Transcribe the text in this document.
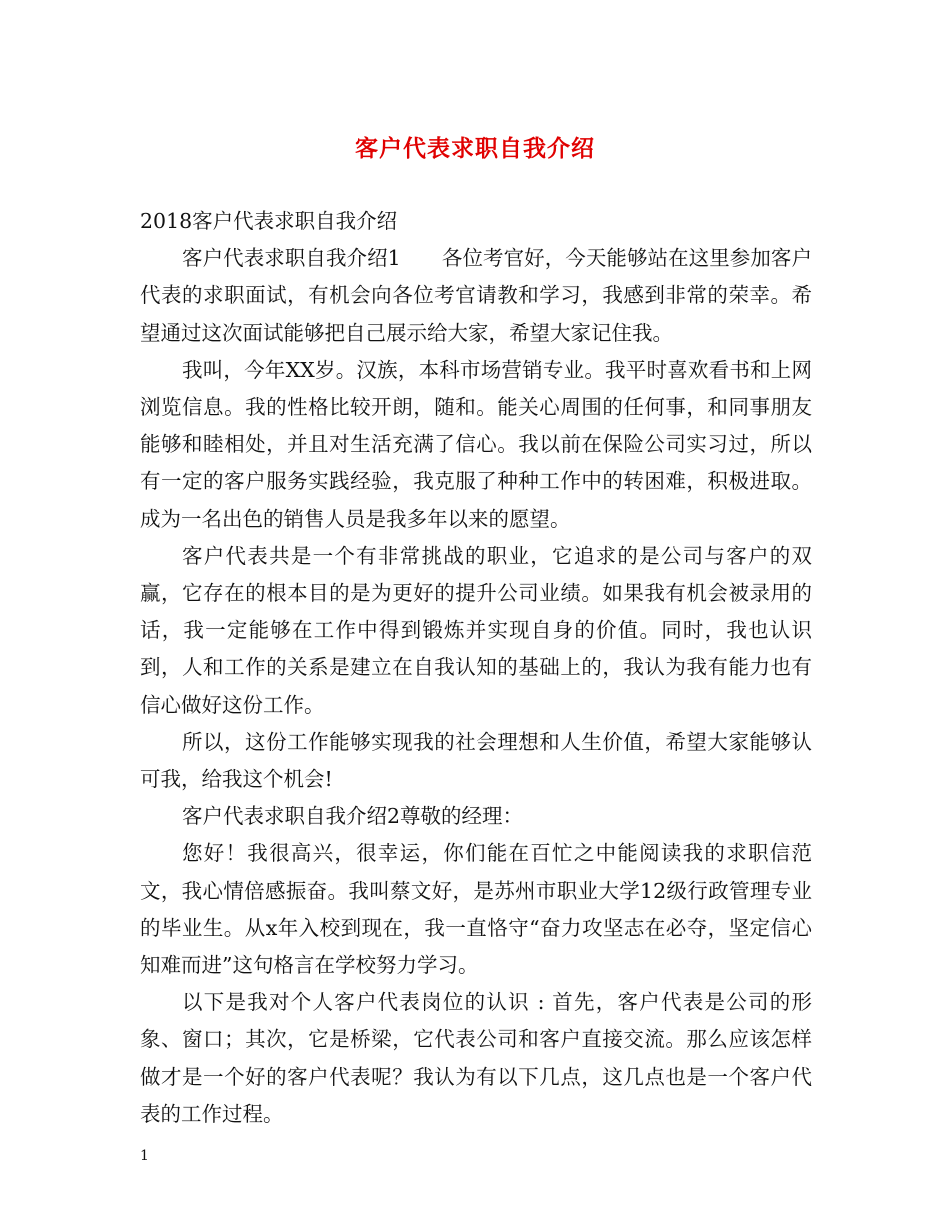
客户代表求职自我介绍

2018客户代表求职自我介绍

客户代表求职自我介绍1　　各位考官好，今天能够站在这里参加客户代表的求职面试，有机会向各位考官请教和学习，我感到非常的荣幸。希望通过这次面试能够把自己展示给大家，希望大家记住我。

我叫，今年XX岁。汉族，本科市场营销专业。我平时喜欢看书和上网浏览信息。我的性格比较开朗，随和。能关心周围的任何事，和同事朋友能够和睦相处，并且对生活充满了信心。我以前在保险公司实习过，所以有一定的客户服务实践经验，我克服了种种工作中的转困难，积极进取。成为一名出色的销售人员是我多年以来的愿望。

客户代表共是一个有非常挑战的职业，它追求的是公司与客户的双赢，它存在的根本目的是为更好的提升公司业绩。如果我有机会被录用的话，我一定能够在工作中得到锻炼并实现自身的价值。同时，我也认识到，人和工作的关系是建立在自我认知的基础上的，我认为我有能力也有信心做好这份工作。

所以，这份工作能够实现我的社会理想和人生价值，希望大家能够认可我，给我这个机会!

客户代表求职自我介绍2尊敬的经理：

您好！我很高兴，很幸运，你们能在百忙之中能阅读我的求职信范文，我心情倍感振奋。我叫蔡文好，是苏州市职业大学12级行政管理专业的毕业生。从x年入校到现在，我一直恪守“奋力攻坚志在必夺，坚定信心知难而进”这句格言在学校努力学习。

以下是我对个人客户代表岗位的认识 : 首先，客户代表是公司的形象、窗口；其次，它是桥梁，它代表公司和客户直接交流。那么应该怎样做才是一个好的客户代表呢？我认为有以下几点，这几点也是一个客户代表的工作过程。

1
